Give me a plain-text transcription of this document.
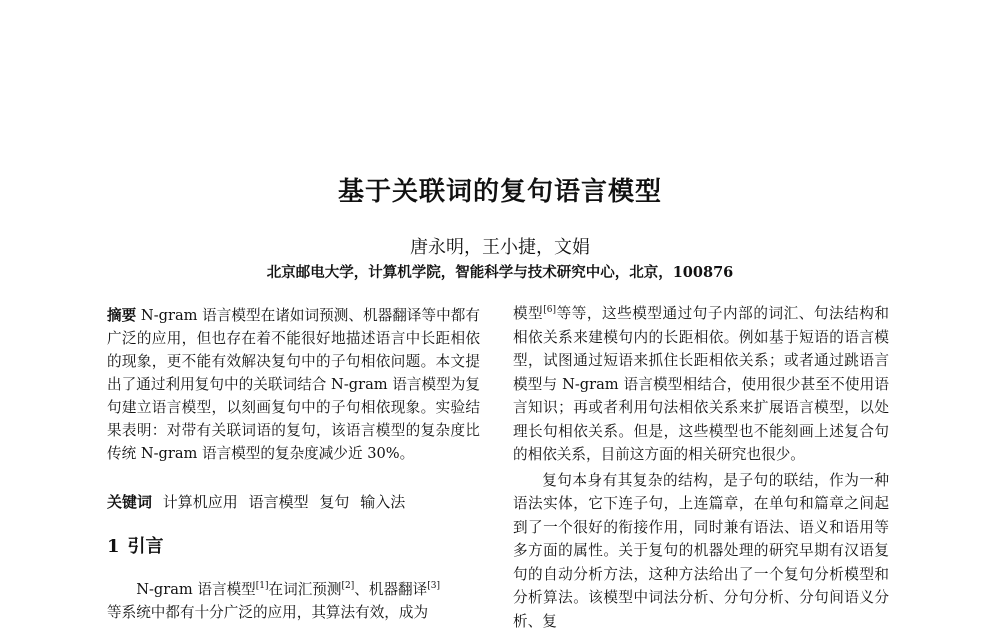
基于关联词的复句语言模型
唐永明，王小捷，文娟
北京邮电大学，计算机学院，智能科学与技术研究中心，北京，100876
摘要 N-gram 语言模型在诸如词预测、机器翻译等中都有广泛的应用，但也存在着不能很好地描述语言中长距相依的现象，更不能有效解决复句中的子句相依问题。本文提出了通过利用复句中的关联词结合 N-gram 语言模型为复句建立语言模型，以刻画复句中的子句相依现象。实验结果表明：对带有关联词语的复句，该语言模型的复杂度比传统 N-gram 语言模型的复杂度减少近 30%。
关键词 计算机应用 语言模型 复句 输入法
1 引言
N-gram 语言模型[1]在词汇预测[2]、机器翻译[3]
等系统中都有十分广泛的应用，其算法有效，成为
模型[6]等等，这些模型通过句子内部的词汇、句法结构和相依关系来建模句内的长距相依。例如基于短语的语言模型，试图通过短语来抓住长距相依关系；或者通过跳语言模型与 N-gram 语言模型相结合，使用很少甚至不使用语言知识；再或者利用句法相依关系来扩展语言模型，以处理长句相依关系。但是，这些模型也不能刻画上述复合句的相依关系，目前这方面的相关研究也很少。
复句本身有其复杂的结构，是子句的联结，作为一种语法实体，它下连子句，上连篇章，在单句和篇章之间起到了一个很好的衔接作用，同时兼有语法、语义和语用等多方面的属性。关于复句的机器处理的研究早期有汉语复句的自动分析方法，这种方法给出了一个复句分析模型和分析算法。该模型中词法分析、分句分析、分句间语义分析、复
